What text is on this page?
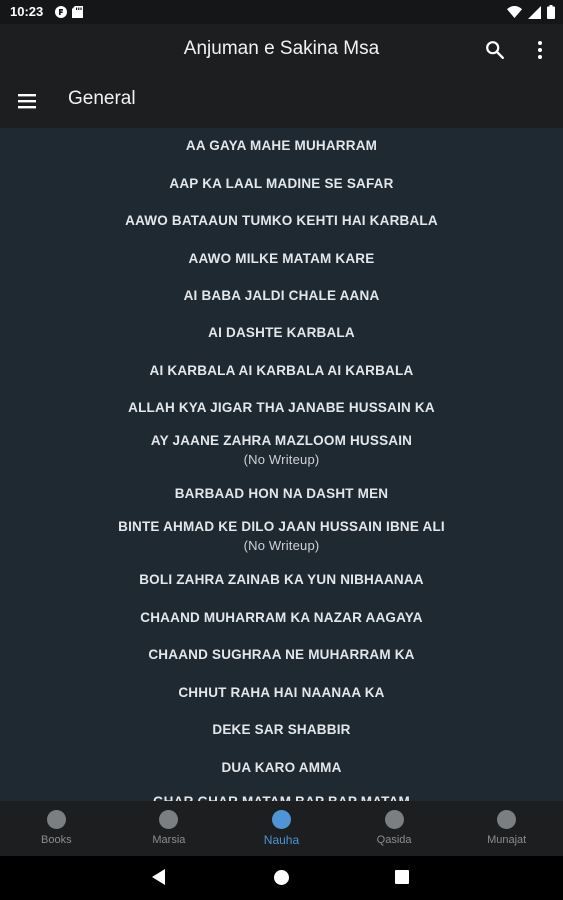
10:23
Anjuman e Sakina Msa
General
AA GAYA MAHE MUHARRAM
AAP KA LAAL MADINE SE SAFAR
AAWO BATAAUN TUMKO KEHTI HAI KARBALA
AAWO MILKE MATAM KARE
AI BABA JALDI CHALE AANA
AI DASHTE KARBALA
AI KARBALA AI KARBALA AI KARBALA
ALLAH KYA JIGAR THA JANABE HUSSAIN KA
AY JAANE ZAHRA MAZLOOM HUSSAIN
(No Writeup)
BARBAAD HON NA DASHT MEN
BINTE AHMAD KE DILO JAAN HUSSAIN IBNE ALI
(No Writeup)
BOLI ZAHRA ZAINAB KA YUN NIBHAANAA
CHAAND MUHARRAM KA NAZAR AAGAYA
CHAAND SUGHRAA NE MUHARRAM KA
CHHUT RAHA HAI NAANAA KA
DEKE SAR SHABBIR
DUA KARO AMMA
Books	Marsia	Nauha	Qasida	Munajat
